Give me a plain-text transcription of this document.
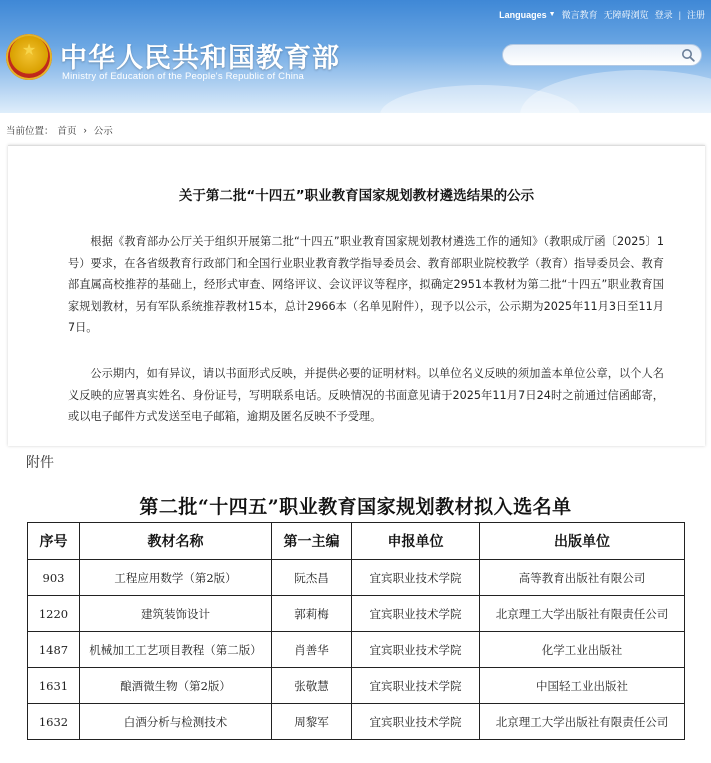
★ 中华人民共和国教育部
Ministry of Education of the People's Republic of China
Languages ▼ 微言教育 无障碍浏览 登录 | 注册
当前位置： 首页 › 公示
关于第二批“十四五”职业教育国家规划教材遴选结果的公示

根据《教育部办公厅关于组织开展第二批“十四五”职业教育国家规划教材遴选工作的通知》（教职成厅函〔2025〕1号）要求，在各省级教育行政部门和全国行业职业教育教学指导委员会、教育部职业院校教学（教育）指导委员会、教育部直属高校推荐的基础上，经形式审查、网络评议、会议评议等程序，拟确定2951本教材为第二批“十四五”职业教育国家规划教材，另有军队系统推荐教材15本，总计2966本（名单见附件），现予以公示，公示期为2025年11月3日至11月7日。

公示期内，如有异议，请以书面形式反映，并提供必要的证明材料。以单位名义反映的须加盖本单位公章，以个人名义反映的应署真实姓名、身份证号，写明联系电话。反映情况的书面意见请于2025年11月7日24时之前通过信函邮寄，或以电子邮件方式发送至电子邮箱，逾期及匿名反映不予受理。

附件
第二批“十四五”职业教育国家规划教材拟入选名单
序号	教材名称	第一主编	申报单位	出版单位
903	工程应用数学（第2版）	阮杰昌	宜宾职业技术学院	高等教育出版社有限公司
1220	建筑装饰设计	郭莉梅	宜宾职业技术学院	北京理工大学出版社有限责任公司
1487	机械加工工艺项目教程（第二版）	肖善华	宜宾职业技术学院	化学工业出版社
1631	酿酒微生物（第2版）	张敬慧	宜宾职业技术学院	中国轻工业出版社
1632	白酒分析与检测技术	周黎军	宜宾职业技术学院	北京理工大学出版社有限责任公司
